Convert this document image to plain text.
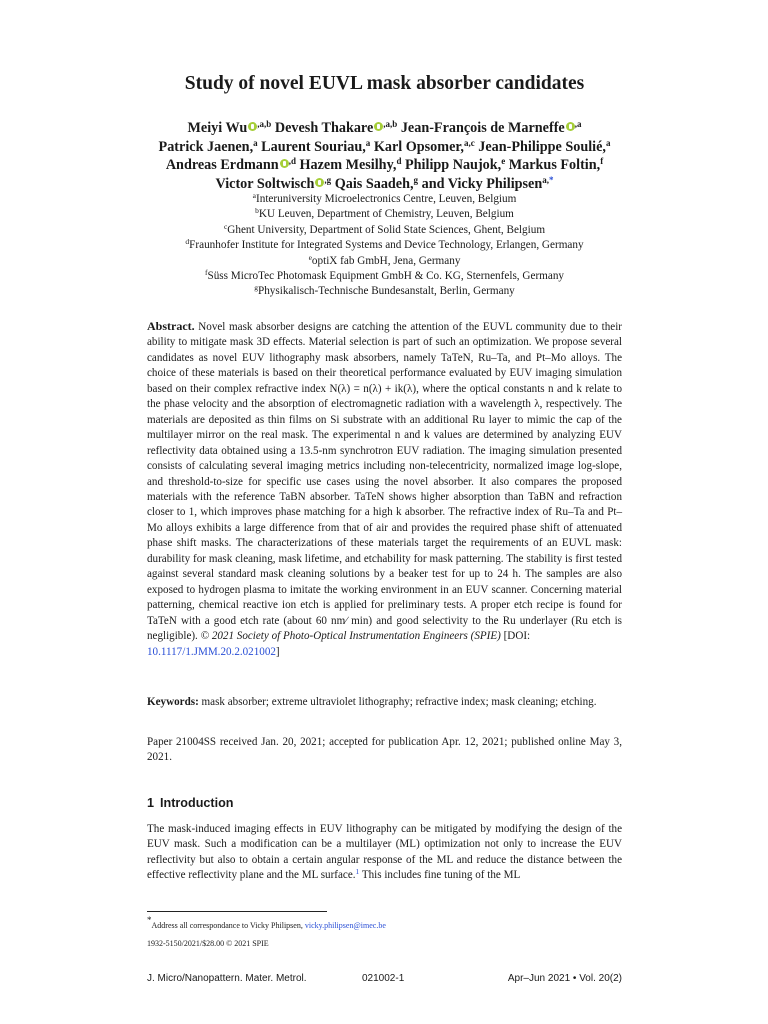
Study of novel EUVL mask absorber candidates
Meiyi Wu $^{,a,b}$ Devesh Thakare $^{,a,b}$ Jean-François de Marneffe $^{,a}$
Patrick Jaenen,$^a$ Laurent Souriau,$^a$ Karl Opsomer,$^{a,c}$ Jean-Philippe Soulié,$^a$
Andreas Erdmann $^{,d}$ Hazem Mesilhy,$^d$ Philipp Naujok,$^e$ Markus Foltin,$^f$
Victor Soltwisch $^{,g}$ Qais Saadeh,$^g$ and Vicky Philipsen$^{a,*}$
$^a$Interuniversity Microelectronics Centre, Leuven, Belgium
$^b$KU Leuven, Department of Chemistry, Leuven, Belgium
$^c$Ghent University, Department of Solid State Sciences, Ghent, Belgium
$^d$Fraunhofer Institute for Integrated Systems and Device Technology, Erlangen, Germany
$^e$optiX fab GmbH, Jena, Germany
$^f$Süss MicroTec Photomask Equipment GmbH & Co. KG, Sternenfels, Germany
$^g$Physikalisch-Technische Bundesanstalt, Berlin, Germany
Abstract. Novel mask absorber designs are catching the attention of the EUVL community due to their ability to mitigate mask 3D effects. Material selection is part of such an optimization. We propose several candidates as novel EUV lithography mask absorbers, namely TaTeN, Ru–Ta, and Pt–Mo alloys. The choice of these materials is based on their theoretical performance evaluated by EUV imaging simulation based on their complex refractive index N(λ) = n(λ) + ik(λ), where the optical constants n and k relate to the phase velocity and the absorption of electromagnetic radiation with a wavelength λ, respectively. The materials are deposited as thin films on Si substrate with an additional Ru layer to mimic the cap of the multilayer mirror on the real mask. The experimental n and k values are determined by analyzing EUV reflectivity data obtained using a 13.5-nm synchrotron EUV radiation. The imaging simulation presented consists of calculating several imaging metrics including non-telecentricity, normalized image log-slope, and threshold-to-size for specific use cases using the novel absorber. It also compares the proposed materials with the reference TaBN absorber. TaTeN shows higher absorption than TaBN and refraction closer to 1, which improves phase matching for a high k absorber. The refractive index of Ru–Ta and Pt–Mo alloys exhibits a large difference from that of air and provides the required phase shift of attenuated phase shift masks. The characterizations of these materials target the requirements of an EUVL mask: durability for mask cleaning, mask lifetime, and etchability for mask patterning. The stability is first tested against several standard mask cleaning solutions by a beaker test for up to 24 h. The samples are also exposed to hydrogen plasma to imitate the working environment in an EUV scanner. Concerning material patterning, chemical reactive ion etch is applied for preliminary tests. A proper etch recipe is found for TaTeN with a good etch rate (about 60 nm∕ min) and good selectivity to the Ru underlayer (Ru etch is negligible). © 2021 Society of Photo-Optical Instrumentation Engineers (SPIE) [DOI:
10.1117/1.JMM.20.2.021002]
Keywords: mask absorber; extreme ultraviolet lithography; refractive index; mask cleaning; etching.
Paper 21004SS received Jan. 20, 2021; accepted for publication Apr. 12, 2021; published online May 3, 2021.
1 Introduction
The mask-induced imaging effects in EUV lithography can be mitigated by modifying the design of the EUV mask. Such a modification can be a multilayer (ML) optimization not only to increase the EUV reflectivity but also to obtain a certain angular response of the ML and reduce the distance between the effective reflectivity plane and the ML surface.$^1$ This includes fine tuning of the ML
*Address all correspondance to Vicky Philipsen, vicky.philipsen@imec.be
1932-5150/2021/$28.00 © 2021 SPIE
J. Micro/Nanopattern. Mater. Metrol.	021002-1	Apr–Jun 2021 • Vol. 20(2)
